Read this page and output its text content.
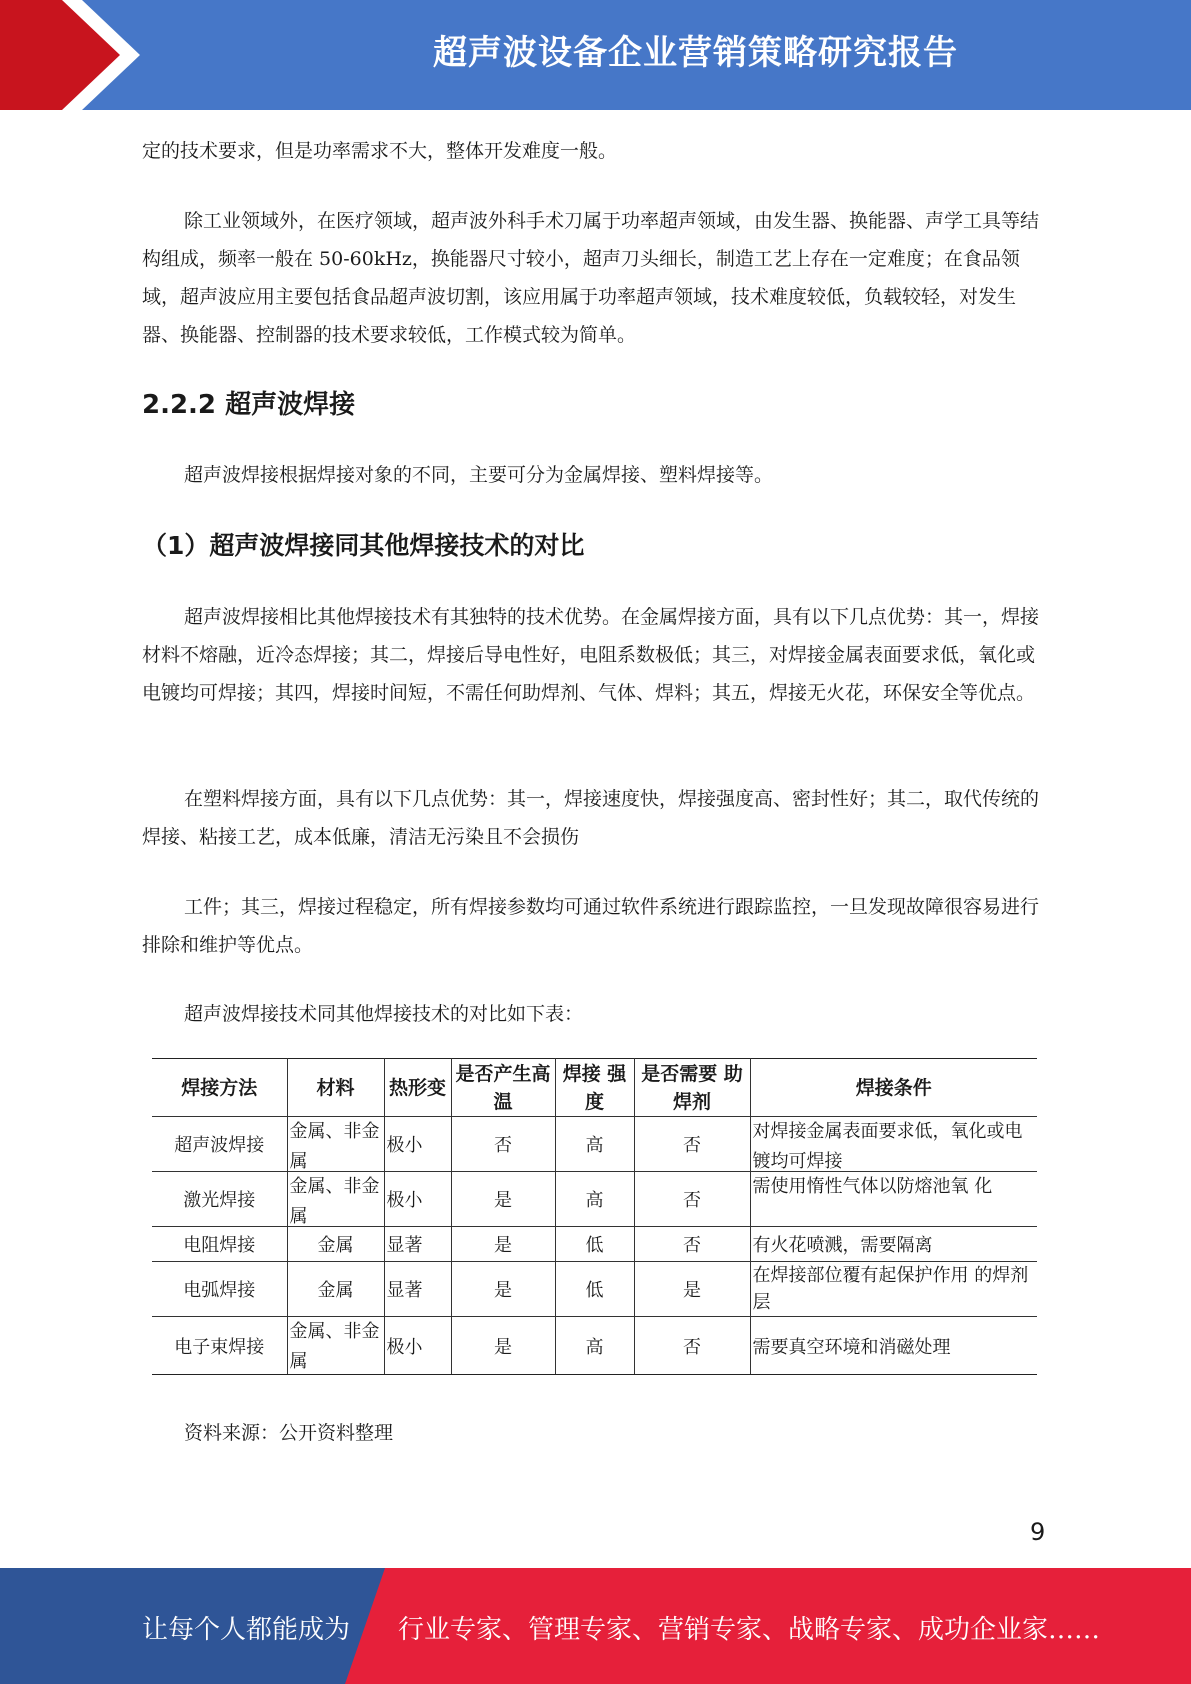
超声波设备企业营销策略研究报告

定的技术要求，但是功率需求不大，整体开发难度一般。

除工业领域外，在医疗领域，超声波外科手术刀属于功率超声领域，由发生器、换能器、声学工具等结构组成，频率一般在 50-60kHz，换能器尺寸较小，超声刀头细长，制造工艺上存在一定难度；在食品领域，超声波应用主要包括食品超声波切割，该应用属于功率超声领域，技术难度较低，负载较轻，对发生器、换能器、控制器的技术要求较低，工作模式较为简单。

2.2.2 超声波焊接

超声波焊接根据焊接对象的不同，主要可分为金属焊接、塑料焊接等。

（1）超声波焊接同其他焊接技术的对比

超声波焊接相比其他焊接技术有其独特的技术优势。在金属焊接方面，具有以下几点优势：其一，焊接材料不熔融，近冷态焊接；其二，焊接后导电性好，电阻系数极低；其三，对焊接金属表面要求低，氧化或电镀均可焊接；其四，焊接时间短，不需任何助焊剂、气体、焊料；其五，焊接无火花，环保安全等优点。

在塑料焊接方面，具有以下几点优势：其一，焊接速度快，焊接强度高、密封性好；其二，取代传统的焊接、粘接工艺，成本低廉，清洁无污染且不会损伤

工件；其三，焊接过程稳定，所有焊接参数均可通过软件系统进行跟踪监控，一旦发现故障很容易进行排除和维护等优点。

超声波焊接技术同其他焊接技术的对比如下表：

焊接方法	材料	热形变	是否产生高温	焊接 强度	是否需要 助焊剂	焊接条件
超声波焊接	金属、非金属	极小	否	高	否	对焊接金属表面要求低，氧化或电镀均可焊接

激光焊接	金属、非金属	极小	是	高	否	需使用惰性气体以防熔池氧 化

电阻焊接	金属	显著	是	低	否	有火花喷溅，需要隔离
电弧焊接	金属	显著	是	低	是	在焊接部位覆有起保护作用 的焊剂层
电子束焊接	金属、非金属	极小	是	高	否	需要真空环境和消磁处理

资料来源：公开资料整理

9
让每个人都能成为 行业专家、管理专家、营销专家、战略专家、成功企业家……
